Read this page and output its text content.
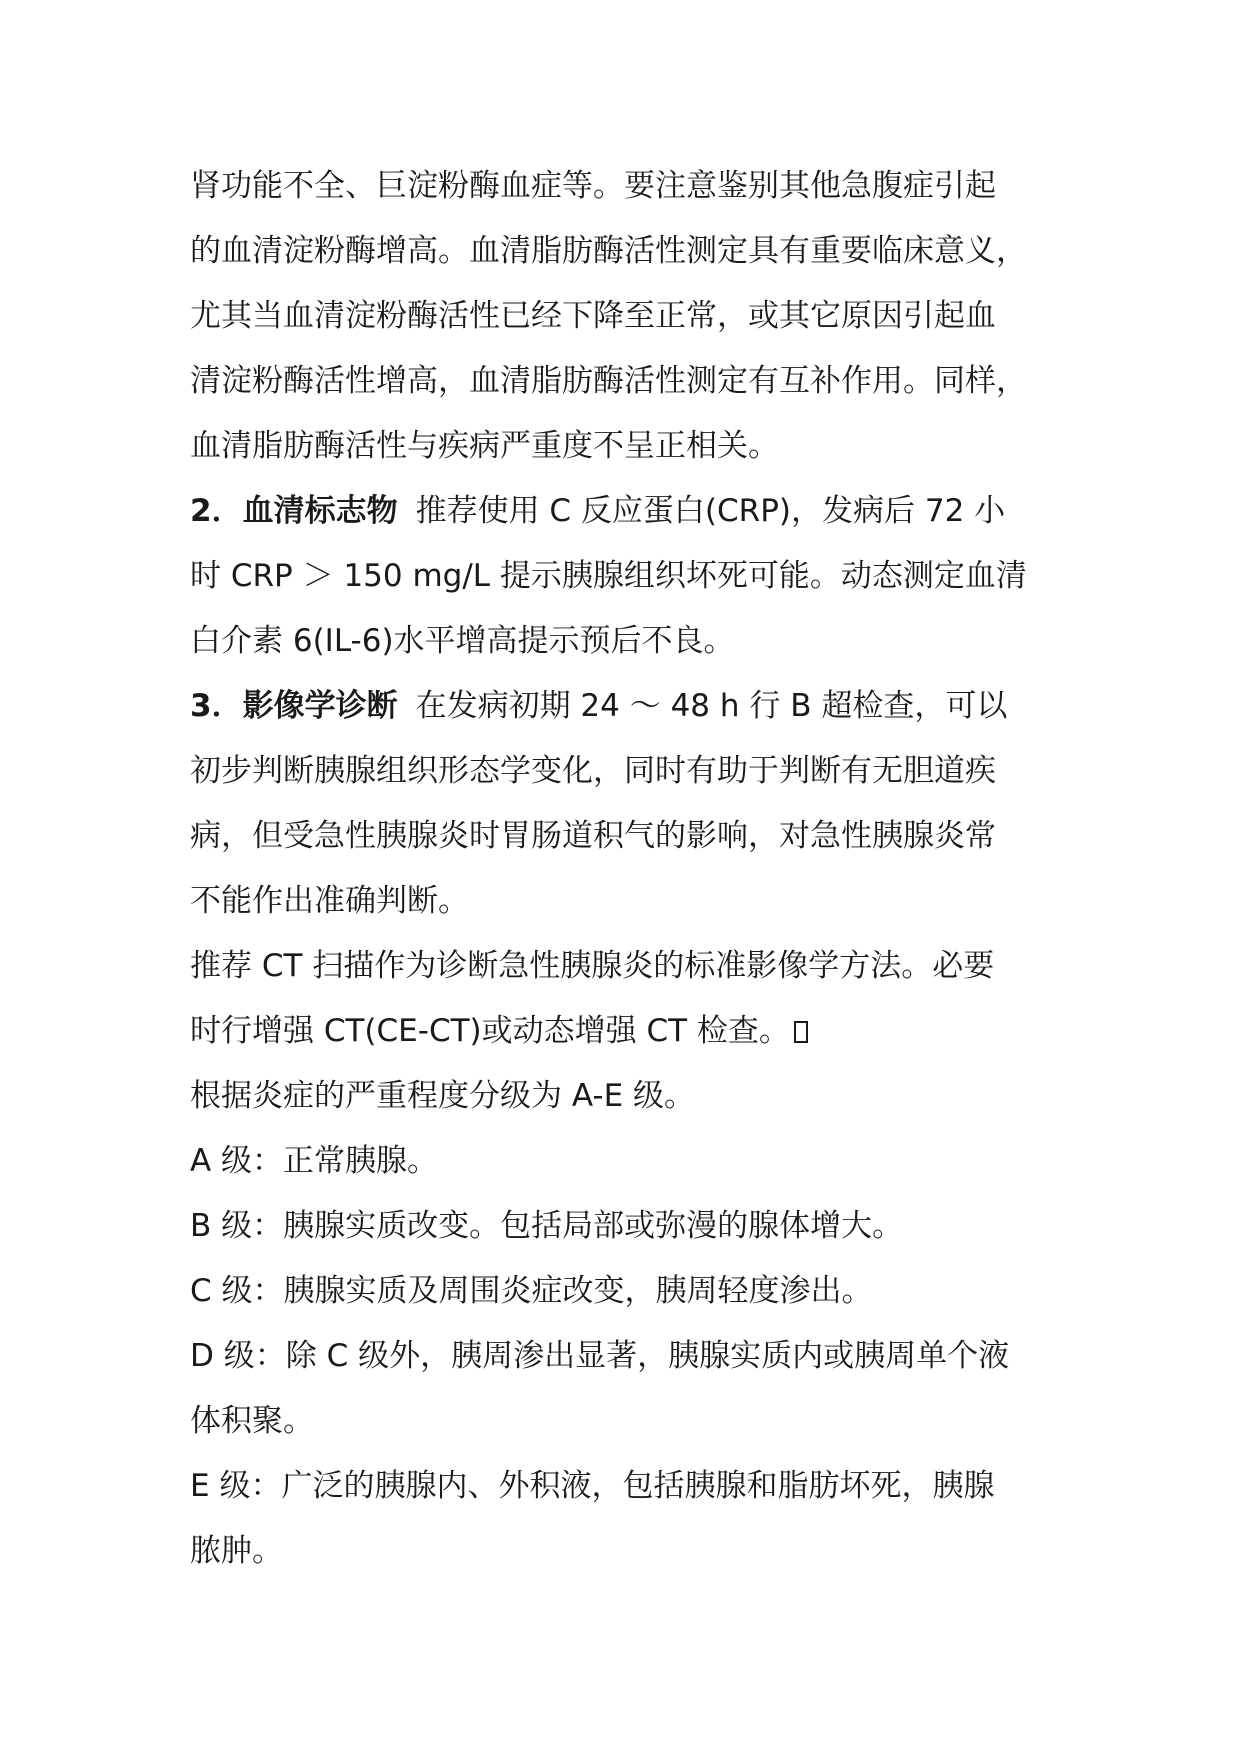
肾功能不全、巨淀粉酶血症等。要注意鉴别其他急腹症引起
的血清淀粉酶增高。血清脂肪酶活性测定具有重要临床意义，
尤其当血清淀粉酶活性已经下降至正常，或其它原因引起血
清淀粉酶活性增高，血清脂肪酶活性测定有互补作用。同样，
血清脂肪酶活性与疾病严重度不呈正相关。
2．血清标志物 推荐使用 C 反应蛋白(CRP)，发病后 72 小
时 CRP ＞ 150 mg/L 提示胰腺组织坏死可能。动态测定血清
白介素 6(IL-6)水平增高提示预后不良。
3．影像学诊断 在发病初期 24 ～ 48 h 行 B 超检查，可以
初步判断胰腺组织形态学变化，同时有助于判断有无胆道疾
病，但受急性胰腺炎时胃肠道积气的影响，对急性胰腺炎常
不能作出准确判断。
推荐 CT 扫描作为诊断急性胰腺炎的标准影像学方法。必要
时行增强 CT(CE-CT)或动态增强 CT 检查。
根据炎症的严重程度分级为 A-E 级。
A 级：正常胰腺。
B 级：胰腺实质改变。包括局部或弥漫的腺体增大。
C 级：胰腺实质及周围炎症改变，胰周轻度渗出。
D 级：除 C 级外，胰周渗出显著，胰腺实质内或胰周单个液
体积聚。
E 级：广泛的胰腺内、外积液，包括胰腺和脂肪坏死，胰腺
脓肿。
